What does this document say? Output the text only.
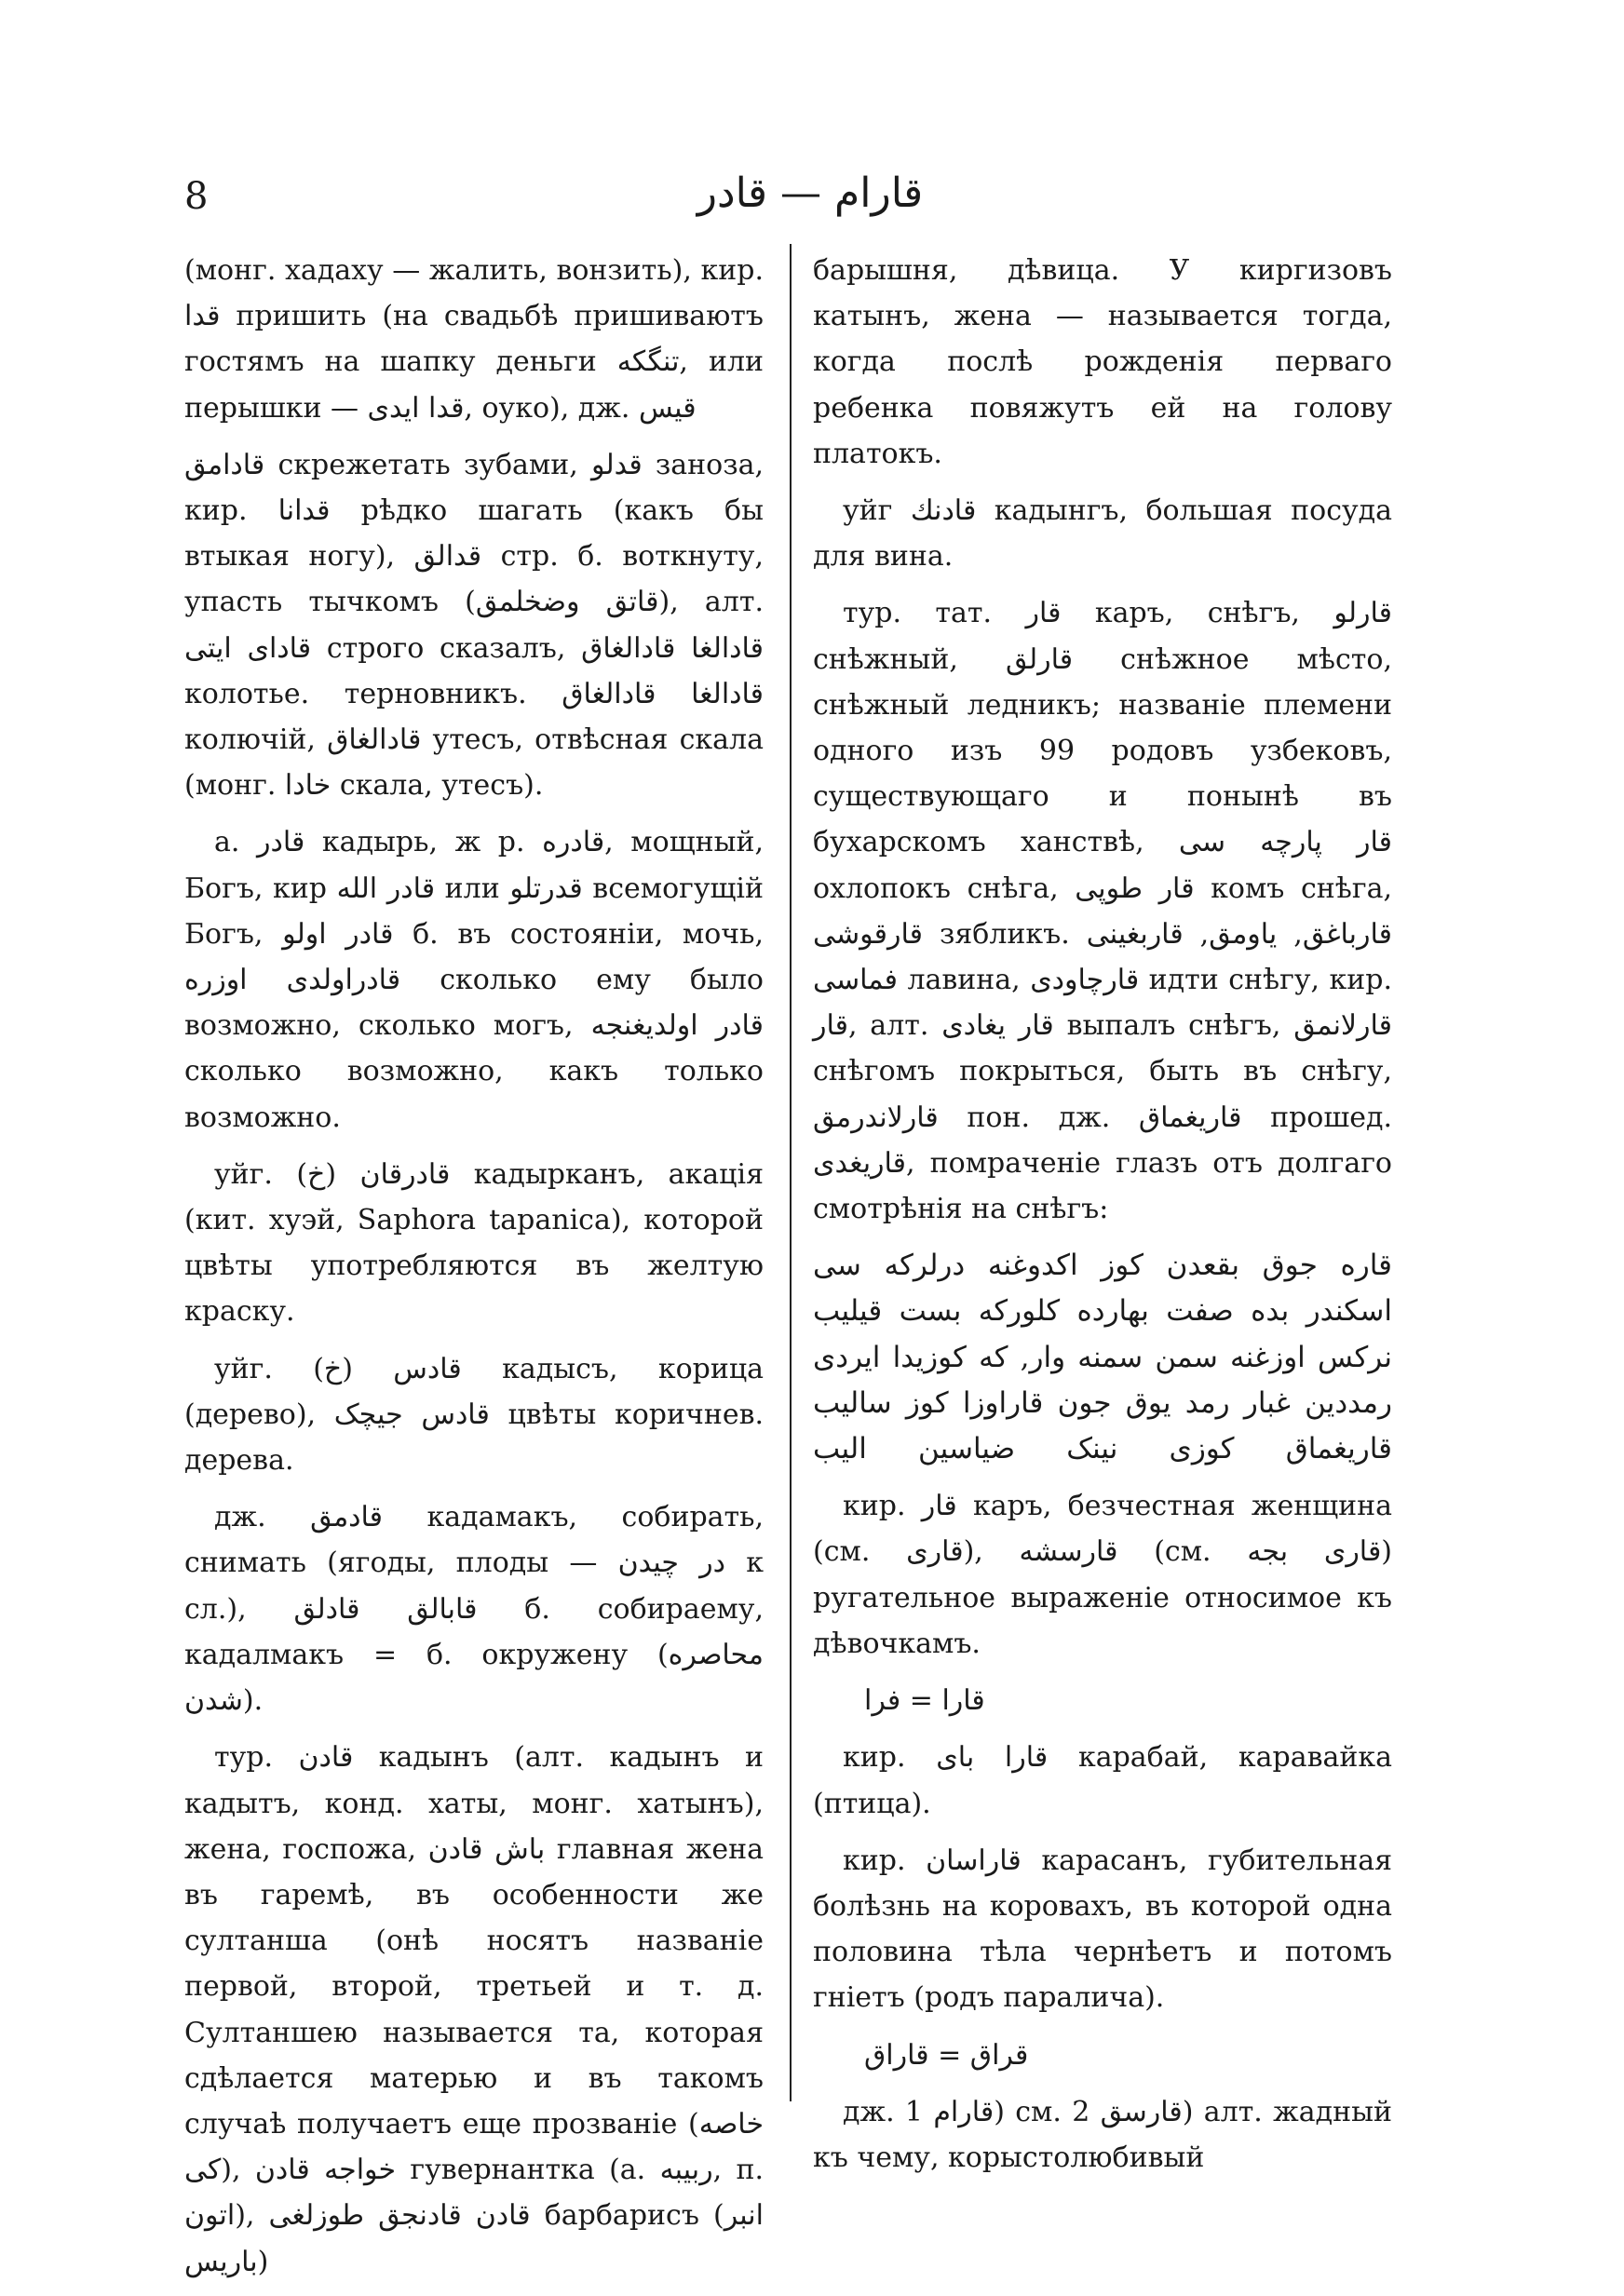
8	قارام — قادر

(монг. хадаху — жалить, вонзить), кир. قدا пришить (на свадьбѣ пришиваютъ гостямъ на шапку деньги تنگکه, или перышки — قدا ایدی, оуко), дж. قیس

قادامق скрежетать зубами, قدلو заноза, кир. قدانا рѣдко шагать (какъ бы втыкая ногу), قدالق стр. б. воткнуту, упасть тычкомъ (قاتق وضخلمق), алт. قادای ایتی строго сказалъ, قادالغا قادالغاق колотье. терновникъ. قادالغا قادالغاق колючій, قادالغاق утесъ, отвѣсная скала (монг. خادا скала, утесъ).

а. قادر кадырь, ж р. قادره, мощный, Богъ, кир قادر الله или قدرتلو всемогущій Богъ, قادر اولو б. въ состояніи, мочь, قادراولدی اوزره сколько ему было возможно, сколько могъ, قادر اولدیغنجه сколько возможно, какъ только возможно.

уйг. قادرقان (خ) кадырканъ, акація (кит. хуэй, Saphora tapanica), которой цвѣты употребляются въ желтую краску.

уйг. قادس (خ) кадысъ, корица (дерево), قادس جیچک цвѣты коричнев. дерева.

дж. قادمق кадамакъ, собирать, снимать (ягоды, плоды — در چیدن к сл.), قابالق قادلق б. собираему, кадалмакъ = б. окружену (محاصره شدن).

тур. قادن кадынъ (алт. кадынъ и кадытъ, конд. хаты, монг. хатынъ), жена, госпожа, باش قادن главная жена въ гаремѣ, въ особенности же султанша (онѣ носятъ названіе первой, второй, третьей и т. д. Султаншею называется та, которая сдѣлается матерью и въ такомъ случаѣ получаетъ еще прозваніе (خاصه کی), خواجه قادن гувернантка (а. ربیبه, п. اتون), قادن قادنجق طوزلغی барбарисъ (انبر باریس)

барышня, дѣвица. У киргизовъ катынъ, жена — называется тогда, когда послѣ рожденія перваго ребенка повяжутъ ей на голову платокъ.

уйг قادنك кадынгъ, большая посуда для вина.

тур. тат. قار каръ, снѣгъ, قارلو снѣжный, قارلق снѣжное мѣсто, снѣжный ледникъ; названіе племени одного изъ 99 родовъ узбековъ, существующаго и понынѣ въ бухарскомъ ханствѣ, قار پارچه سی охлопокъ снѣга, قار طوپی комъ снѣга, قارقوشی зябликъ. قارباغق, یاومق, قاربغینی فماسی лавина, قارچاودی идти снѣгу, кир. قار, алт. قار یغادی выпалъ снѣгъ, قارلانمق снѣгомъ покрыться, быть въ снѣгу, قارلاندرمق пон. дж. قاریغماق прошед. قاریغدی, помраченіе глазъ отъ долгаго смотрѣнія на снѣгъ:

قاره جوق بقعدن کوز اکدوغنه درلرکه سی اسکندر بده صفت بهارده کلورکه بست قیلیب نرکس اوزغنه سمن سمنه وار, که کوزیدا ایردی رمددین غبار رمد یوق جون قاراوزا کوز سالیب قاریغماق کوزی نینک ضیاسین الیب

кир. قار каръ, безчестная женщина (см. قاری), قارسشه (см. قاری بجه) ругательное выраженіе относимое къ дѣвочкамъ.

قارا = فرا

кир. قارا بای карабай, каравайка (птица).

кир. قاراسان карасанъ, губительная болѣзнь на коровахъ, въ которой одна половина тѣла чернѣетъ и потомъ гніетъ (родъ паралича).

قراق = قاراق

дж. قارام 1) см. قارسق 2) алт. жадный къ чему, корыстолюбивый
